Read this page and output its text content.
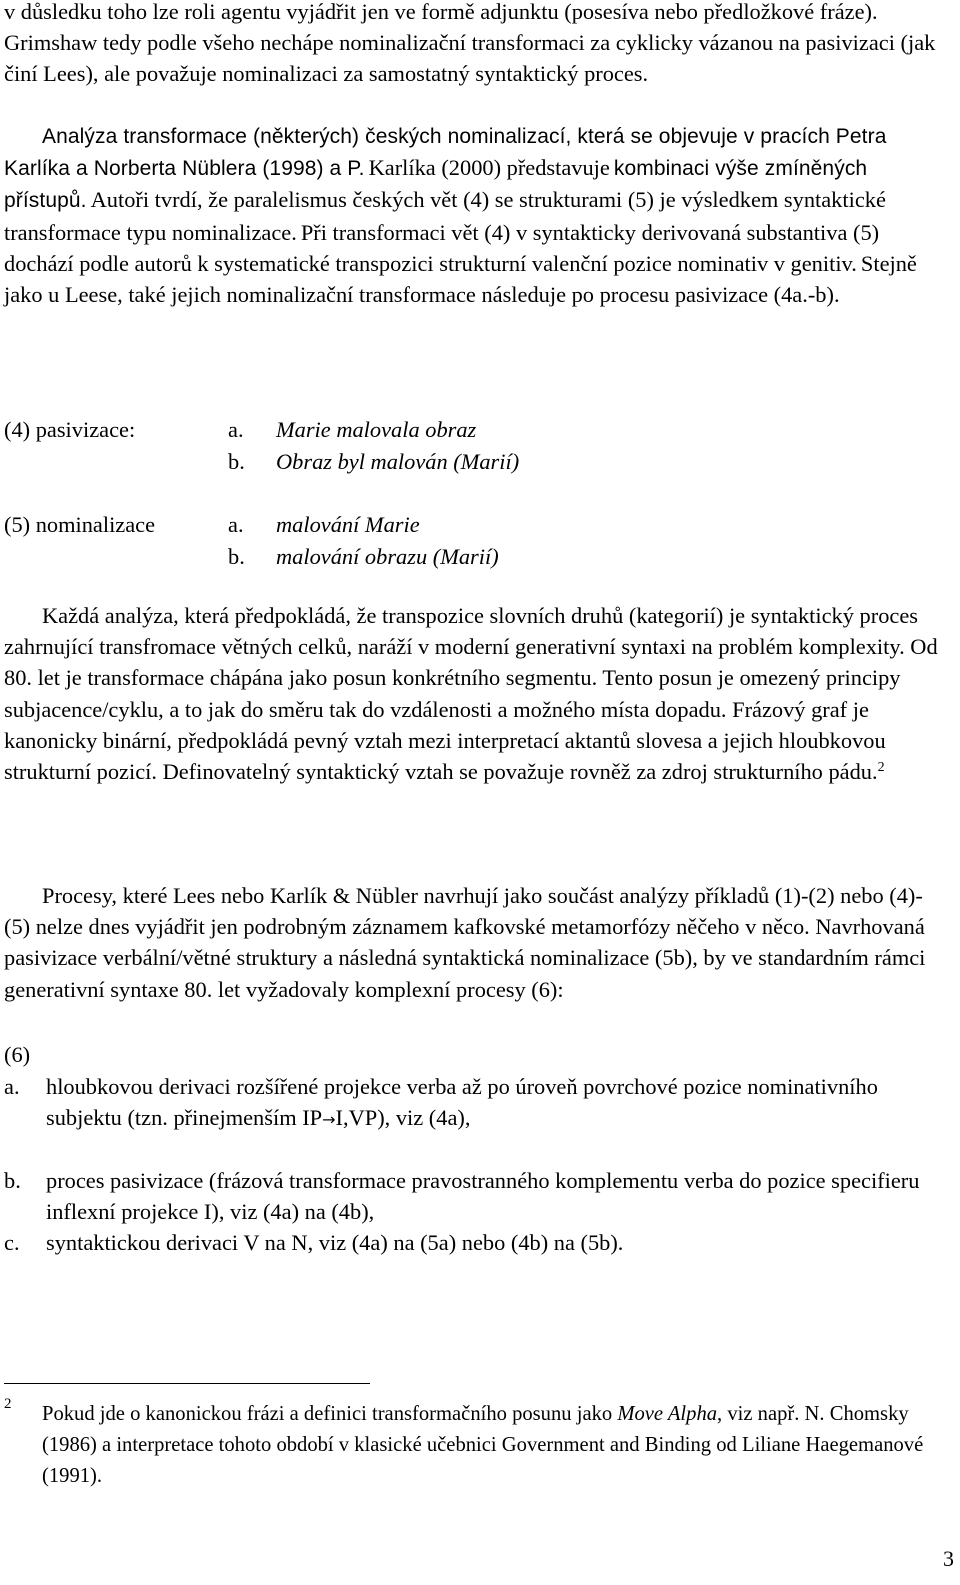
v důsledku toho lze roli agentu vyjádřit jen ve formě adjunktu (posesíva nebo předložkové fráze). Grimshaw tedy podle všeho nechápe nominalizační transformaci za cyklicky vázanou na pasivizaci (jak činí Lees), ale považuje nominalizaci za samostatný syntaktický proces.

Analýza transformace (některých) českých nominalizací, která se objevuje v pracích Petra Karlíka a Norberta Nüblera (1998) a P. Karlíka (2000) představuje kombinaci výše zmíněných přístupů. Autoři tvrdí, že paralelismus českých vět (4) se strukturami (5) je výsledkem syntaktické transformace typu nominalizace. Při transformaci vět (4) v syntakticky derivovaná substantiva (5) dochází podle autorů k systematické transpozici strukturní valenční pozice nominativ v genitiv. Stejně jako u Leese, také jejich nominalizační transformace následuje po procesu pasivizace (4a.-b).

(4) pasivizace:	a. Marie malovala obraz
b. Obraz byl malován (Marií)
(5) nominalizace	a. malování Marie
b. malování obrazu (Marií)

Každá analýza, která předpokládá, že transpozice slovních druhů (kategorií) je syntaktický proces zahrnující transfromace větných celků, naráží v moderní generativní syntaxi na problém komplexity. Od 80. let je transformace chápána jako posun konkrétního segmentu. Tento posun je omezený principy subjacence/cyklu, a to jak do směru tak do vzdálenosti a možného místa dopadu. Frázový graf je kanonicky binární, předpokládá pevný vztah mezi interpretací aktantů slovesa a jejich hloubkovou strukturní pozicí. Definovatelný syntaktický vztah se považuje rovněž za zdroj strukturního pádu.$^2$

Procesy, které Lees nebo Karlík & Nübler navrhují jako součást analýzy příkladů (1)-(2) nebo (4)-(5) nelze dnes vyjádřit jen podrobným záznamem kafkovské metamorfózy něčeho v něco. Navrhovaná pasivizace verbální/větné struktury a následná syntaktická nominalizace (5b), by ve standardním rámci generativní syntaxe 80. let vyžadovaly komplexní procesy (6):

(6)
a. hloubkovou derivaci rozšířené projekce verba až po úroveň povrchové pozice nominativního subjektu (tzn. přinejmenším IP→I,VP), viz (4a),
b. proces pasivizace (frázová transformace pravostranného komplementu verba do pozice specifieru inflexní projekce I), viz (4a) na (4b),
c. syntaktickou derivaci V na N, viz (4a) na (5a) nebo (4b) na (5b).
2 Pokud jde o kanonickou frázi a definici transformačního posunu jako Move Alpha, viz např. N. Chomsky (1986) a interpretace tohoto období v klasické učebnici Government and Binding od Liliane Haegemanové (1991).
3
